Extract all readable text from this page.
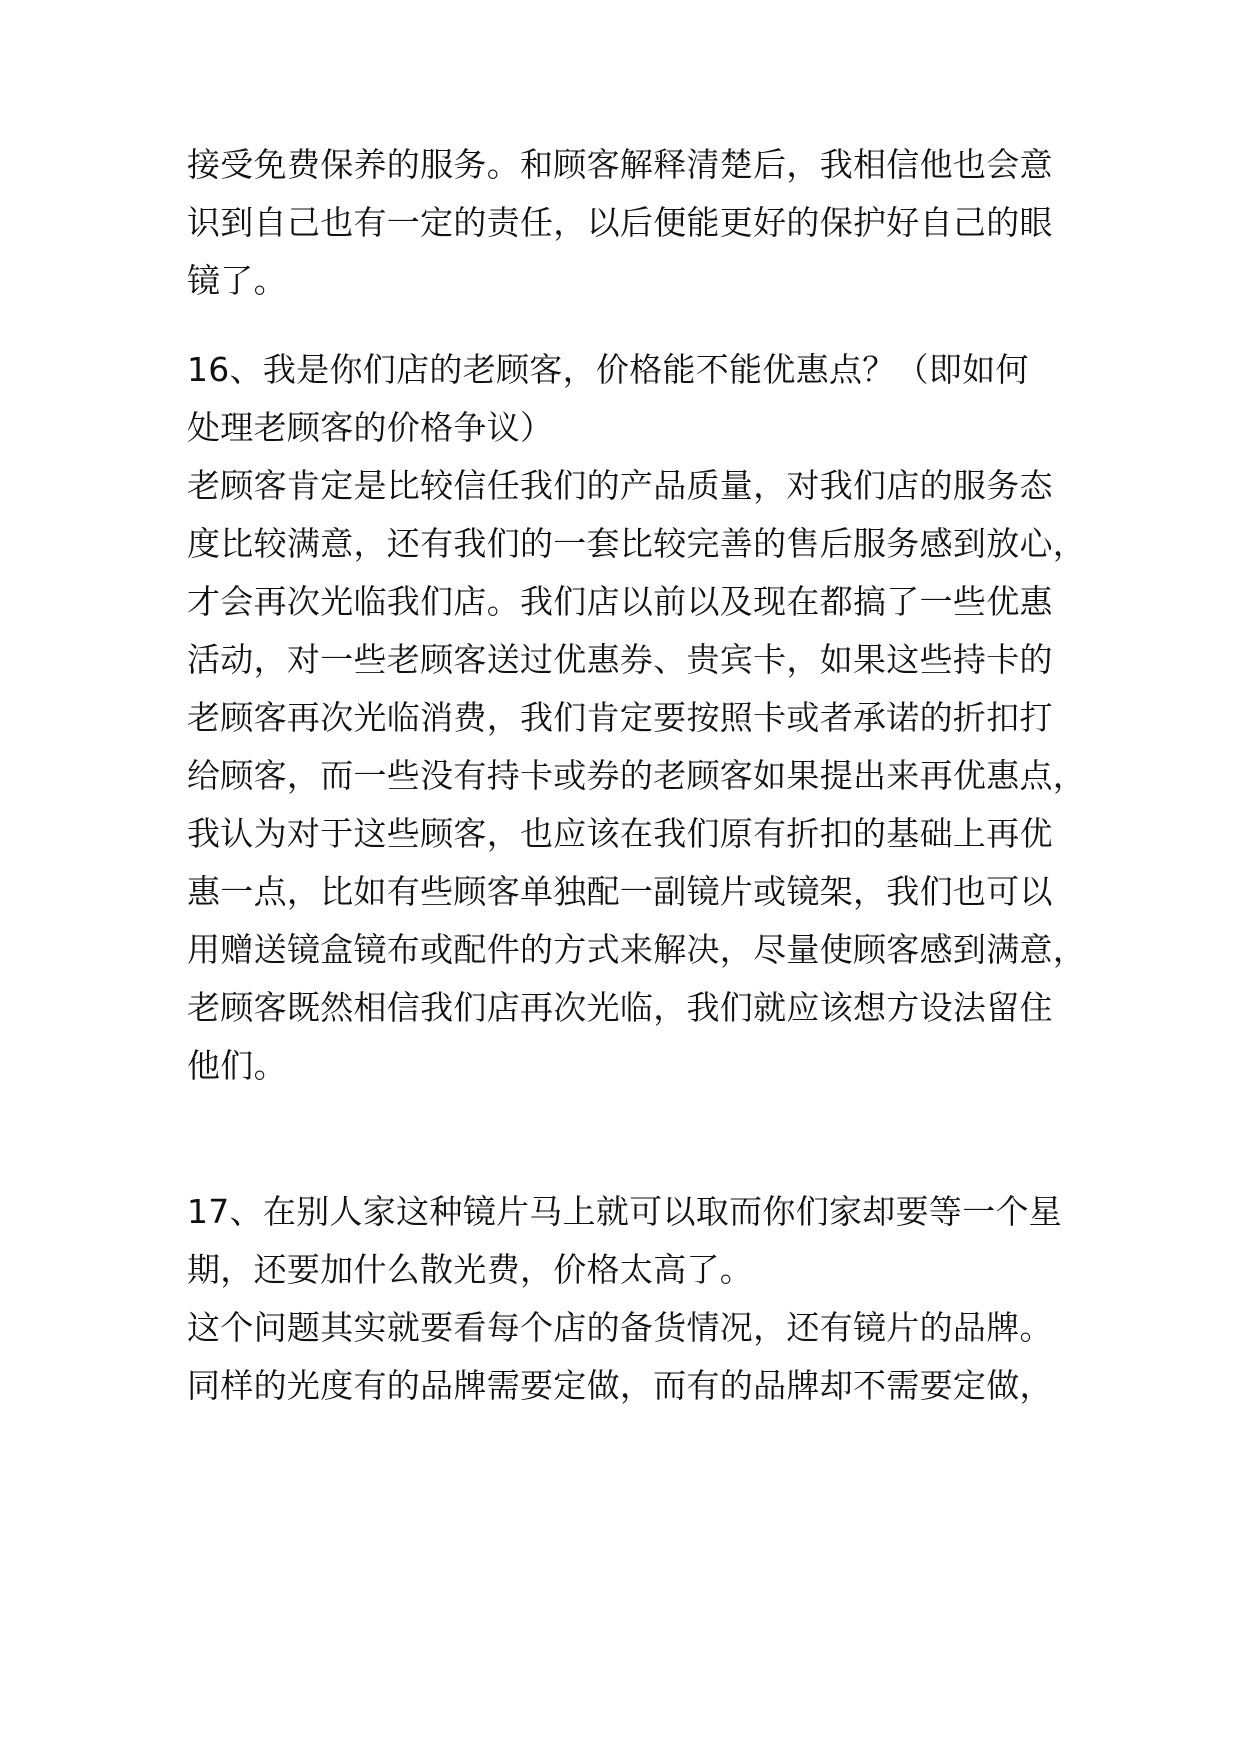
接受免费保养的服务。和顾客解释清楚后，我相信他也会意
识到自己也有一定的责任，以后便能更好的保护好自己的眼
镜了。
16、我是你们店的老顾客，价格能不能优惠点？（即如何
处理老顾客的价格争议）
老顾客肯定是比较信任我们的产品质量，对我们店的服务态
度比较满意，还有我们的一套比较完善的售后服务感到放心，
才会再次光临我们店。我们店以前以及现在都搞了一些优惠
活动，对一些老顾客送过优惠券、贵宾卡，如果这些持卡的
老顾客再次光临消费，我们肯定要按照卡或者承诺的折扣打
给顾客，而一些没有持卡或券的老顾客如果提出来再优惠点，
我认为对于这些顾客，也应该在我们原有折扣的基础上再优
惠一点，比如有些顾客单独配一副镜片或镜架，我们也可以
用赠送镜盒镜布或配件的方式来解决，尽量使顾客感到满意，
老顾客既然相信我们店再次光临，我们就应该想方设法留住
他们。
17、在别人家这种镜片马上就可以取而你们家却要等一个星
期，还要加什么散光费，价格太高了。
这个问题其实就要看每个店的备货情况，还有镜片的品牌。
同样的光度有的品牌需要定做，而有的品牌却不需要定做，
